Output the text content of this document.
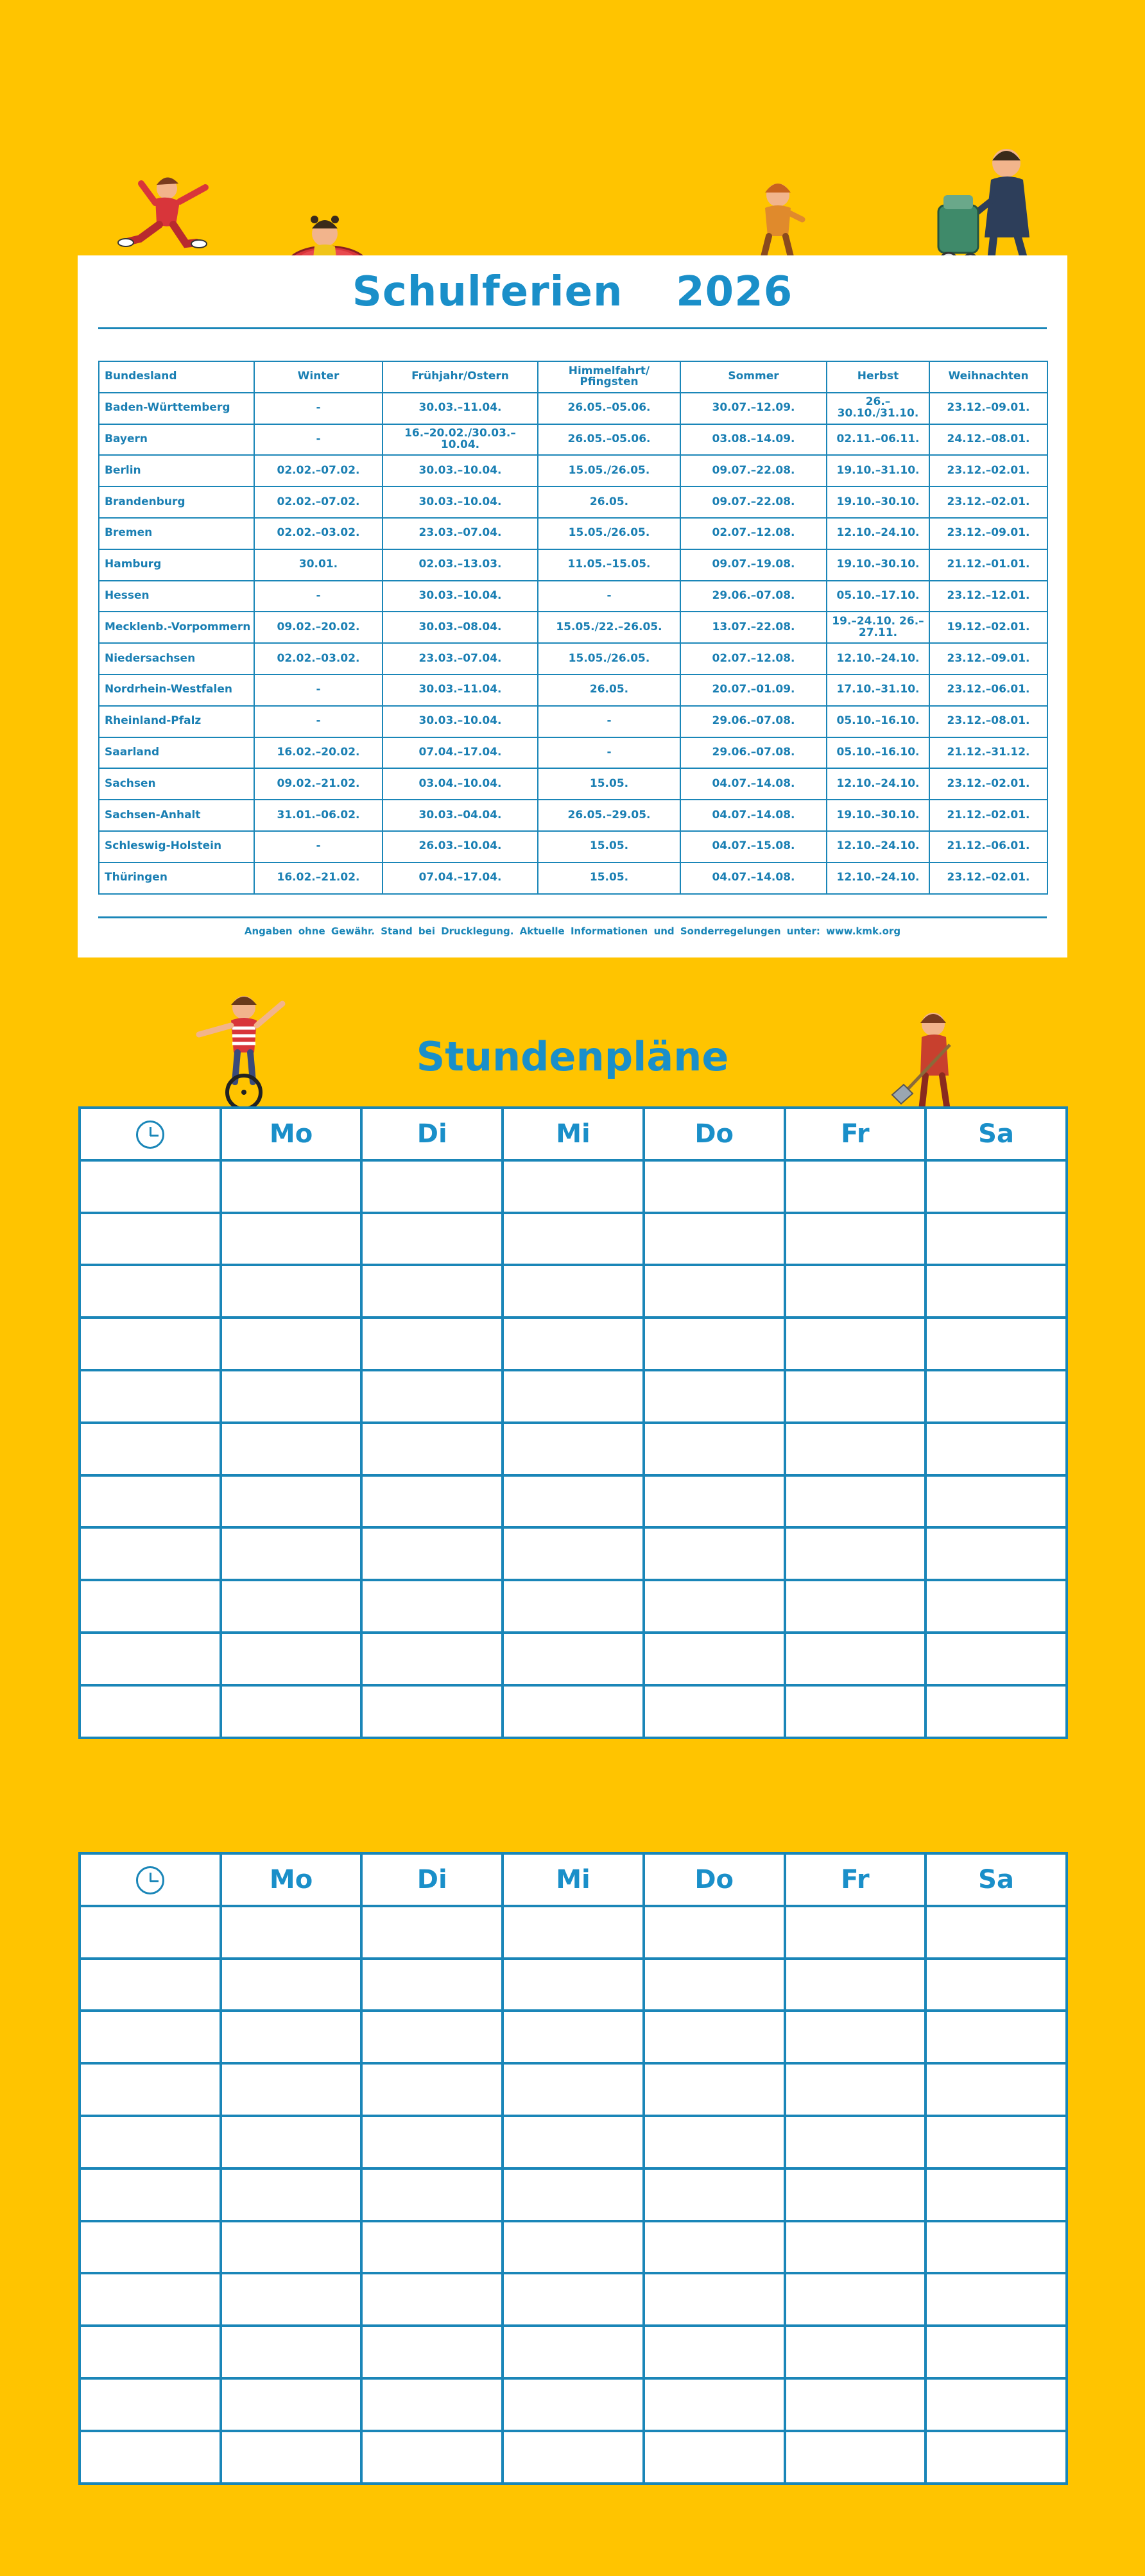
Schulferien  2026
Bundesland	Winter	Frühjahr/Ostern	Himmelfahrt/ Pfingsten	Sommer	Herbst	Weihnachten
Baden-Württemberg	-	30.03.–11.04.	26.05.–05.06.	30.07.–12.09.	26.–30.10./31.10.	23.12.–09.01.
Bayern	-	16.–20.02./30.03.–10.04.	26.05.–05.06.	03.08.–14.09.	02.11.–06.11.	24.12.–08.01.
Berlin	02.02.–07.02.	30.03.–10.04.	15.05./26.05.	09.07.–22.08.	19.10.–31.10.	23.12.–02.01.
Brandenburg	02.02.–07.02.	30.03.–10.04.	26.05.	09.07.–22.08.	19.10.–30.10.	23.12.–02.01.
Bremen	02.02.–03.02.	23.03.–07.04.	15.05./26.05.	02.07.–12.08.	12.10.–24.10.	23.12.–09.01.
Hamburg	30.01.	02.03.–13.03.	11.05.–15.05.	09.07.–19.08.	19.10.–30.10.	21.12.–01.01.
Hessen	-	30.03.–10.04.	-	29.06.–07.08.	05.10.–17.10.	23.12.–12.01.
Mecklenb.-Vorpommern	09.02.–20.02.	30.03.–08.04.	15.05./22.–26.05.	13.07.–22.08.	19.–24.10. 26.–27.11.	19.12.–02.01.
Niedersachsen	02.02.–03.02.	23.03.–07.04.	15.05./26.05.	02.07.–12.08.	12.10.–24.10.	23.12.–09.01.
Nordrhein-Westfalen	-	30.03.–11.04.	26.05.	20.07.–01.09.	17.10.–31.10.	23.12.–06.01.
Rheinland-Pfalz	-	30.03.–10.04.	-	29.06.–07.08.	05.10.–16.10.	23.12.–08.01.
Saarland	16.02.–20.02.	07.04.–17.04.	-	29.06.–07.08.	05.10.–16.10.	21.12.–31.12.
Sachsen	09.02.–21.02.	03.04.–10.04.	15.05.	04.07.–14.08.	12.10.–24.10.	23.12.–02.01.
Sachsen-Anhalt	31.01.–06.02.	30.03.–04.04.	26.05.–29.05.	04.07.–14.08.	19.10.–30.10.	21.12.–02.01.
Schleswig-Holstein	-	26.03.–10.04.	15.05.	04.07.–15.08.	12.10.–24.10.	21.12.–06.01.
Thüringen	16.02.–21.02.	07.04.–17.04.	15.05.	04.07.–14.08.	12.10.–24.10.	23.12.–02.01.
Angaben ohne Gewähr. Stand bei Drucklegung. Aktuelle Informationen und Sonderregelungen unter: www.kmk.org
Stundenpläne
	Mo	Di	Mi	Do	Fr	Sa

	Mo	Di	Mi	Do	Fr	Sa
